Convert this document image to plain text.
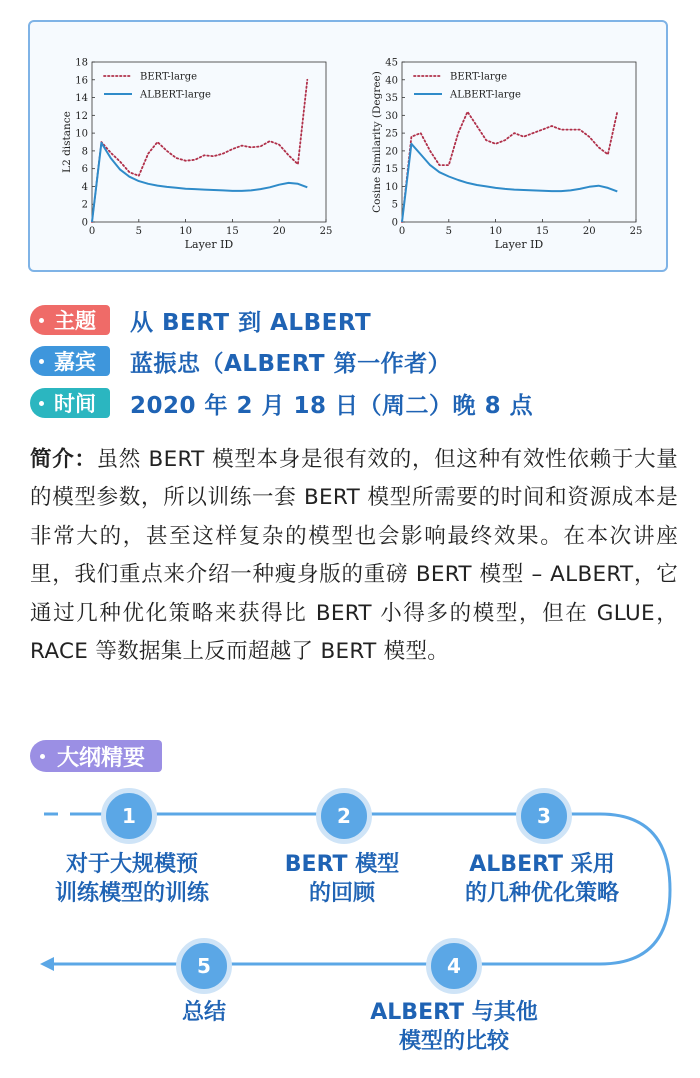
0	5	10	15	20	25
0
2
4
6
8
10
12
14
16
18
Layer ID
L2 distance
BERT-large
ALBERT-large
0	5	10	15	20	25
0
5
10
15
20
25
30
35
40
45
Layer ID
Cosine Similarity (Degree)	BERT-large
ALBERT-large
主题	从 BERT 到 ALBERT
嘉宾	蓝振忠（ALBERT 第一作者）
时间	2020 年 2 月 18 日（周二）晚 8 点
简介：虽然 BERT 模型本身是很有效的，但这种有效性依赖于大量的模型参数，所以训练一套 BERT 模型所需要的时间和资源成本是非常大的，甚至这样复杂的模型也会影响最终效果。在本次讲座里，我们重点来介绍一种瘦身版的重磅 BERT 模型 – ALBERT，它通过几种优化策略来获得比 BERT 小得多的模型，但在 GLUE，RACE 等数据集上反而超越了 BERT 模型。
大纲精要
1	2	3
4
5
对于大规模预
训练模型的训练
BERT 模型
的回顾
ALBERT 采用
的几种优化策略
ALBERT 与其他
模型的比较
总结
